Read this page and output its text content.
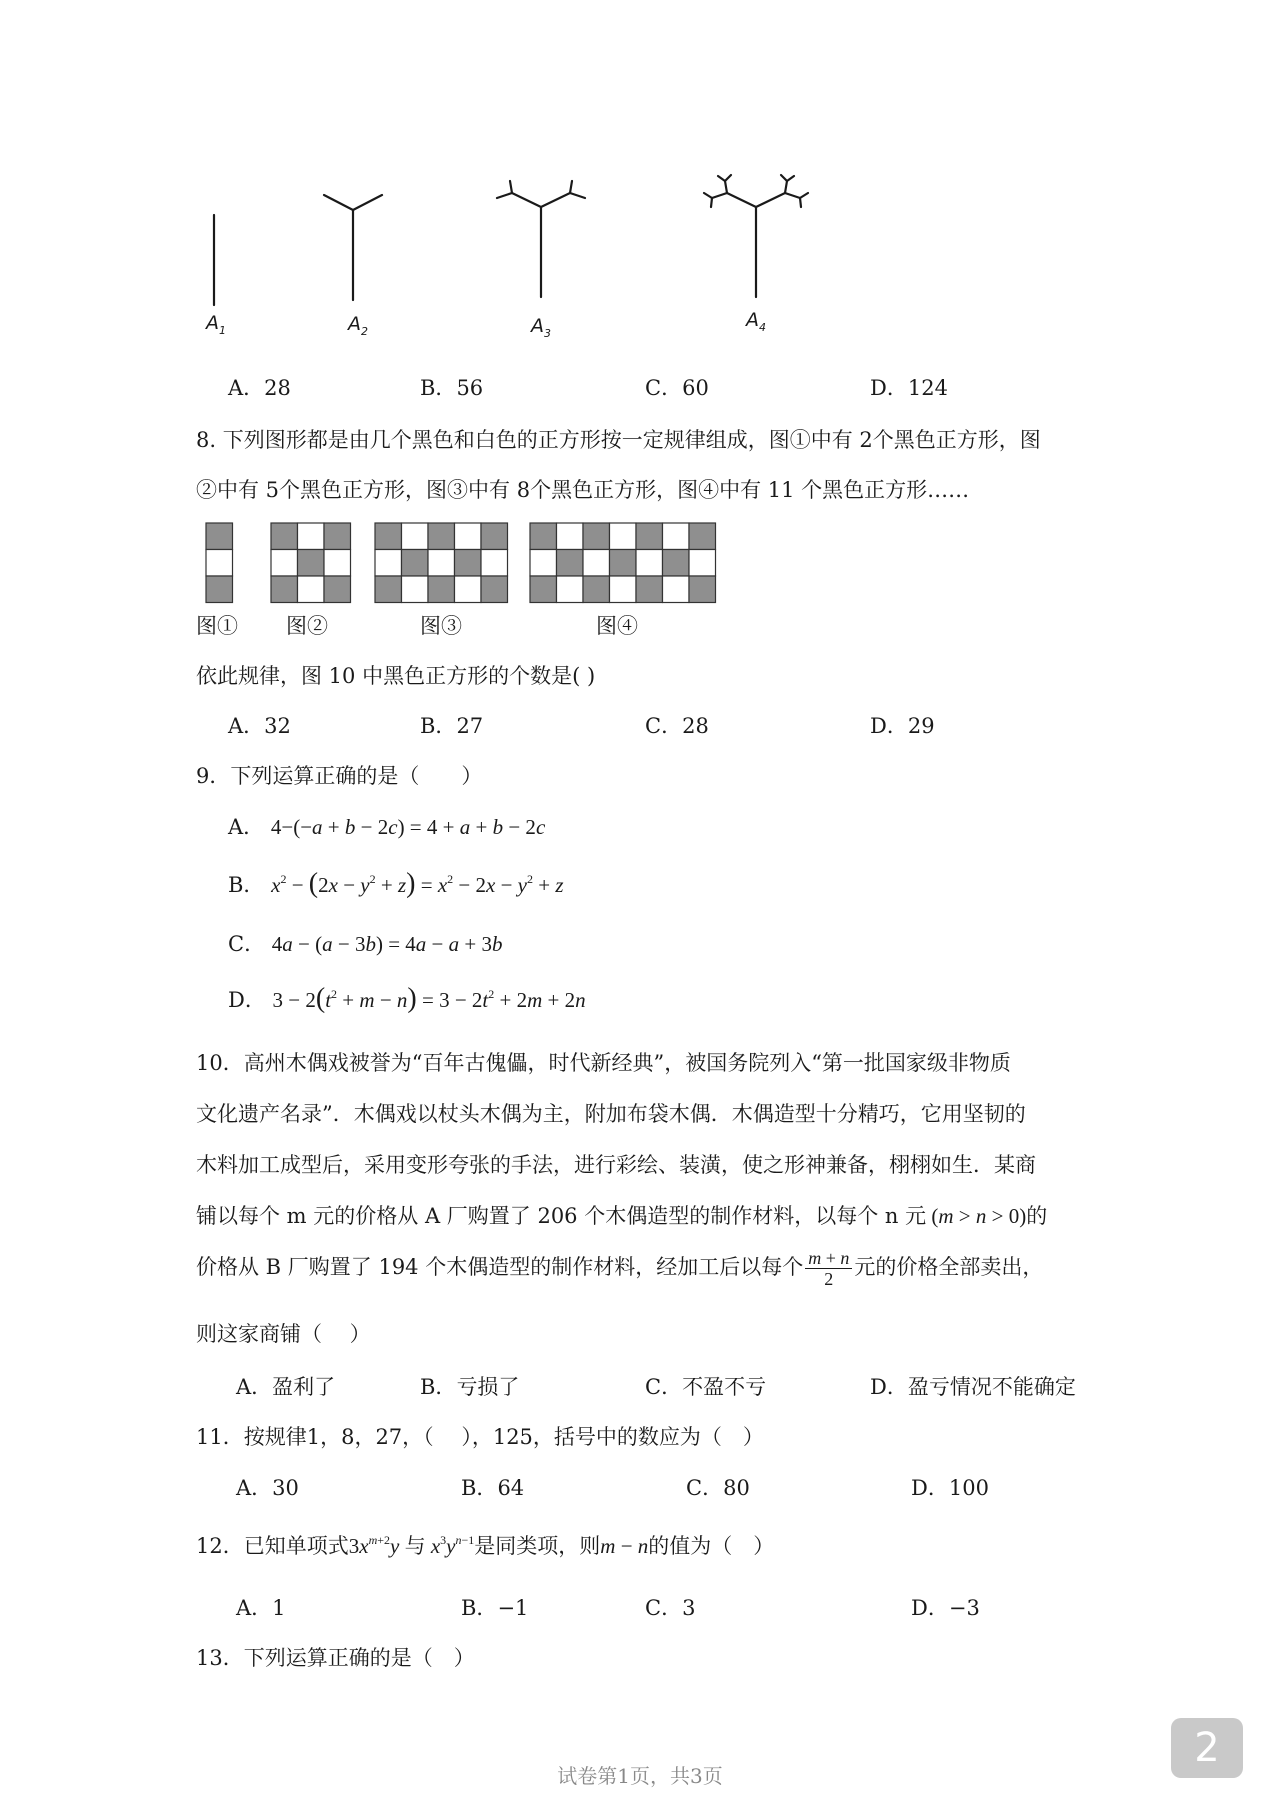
$A_1$	$A_2$	$A_3$
$A_4$
A．28	B．56	C．60	D．124
8. 下列图形都是由几个黑色和白色的正方形按一定规律组成，图①中有 2个黑色正方形，图
②中有 5个黑色正方形，图③中有 8个黑色正方形，图④中有 11 个黑色正方形……
图① 图②	图③	图④
依此规律，图 10 中黑色正方形的个数是( )
A．32	B．27	C．28	D．29
9．下列运算正确的是（　　）
A． 4−(−a + b − 2c) = 4 + a + b − 2c
B． $x^2 - (2x - y^2 + z) = x^2 - 2x - y^2 + z$
C． 4a − (a − 3b) = 4a − a + 3b
D． $3 - 2(t^2 + m - n) = 3 - 2t^2 + 2m + 2n$
10．高州木偶戏被誉为“百年古傀儡，时代新经典”，被国务院列入“第一批国家级非物质
文化遗产名录”．木偶戏以杖头木偶为主，附加布袋木偶．木偶造型十分精巧，它用坚韧的
木料加工成型后，采用变形夸张的手法，进行彩绘、装潢，使之形神兼备，栩栩如生．某商
铺以每个 m 元的价格从 A 厂购置了 206 个木偶造型的制作材料，以每个 n 元 (m > n > 0)的
价格从 B 厂购置了 194 个木偶造型的制作材料，经加工后以每个 $\frac{m + n}{2}$ 元的价格全部卖出，
则这家商铺（　 ）
A．盈利了	B．亏损了	C．不盈不亏	D．盈亏情况不能确定
11．按规律1，8，27，（　 ），125，括号中的数应为（　）
A．30	B．64	C．80	D．100
12．已知单项式$3x^{m+2}y$ 与 $x^3y^{n-1}$是同类项，则m − n的值为（　）
A．1	B．−1	C．3	D．−3
13．下列运算正确的是（　）
试卷第1页，共3页
2
